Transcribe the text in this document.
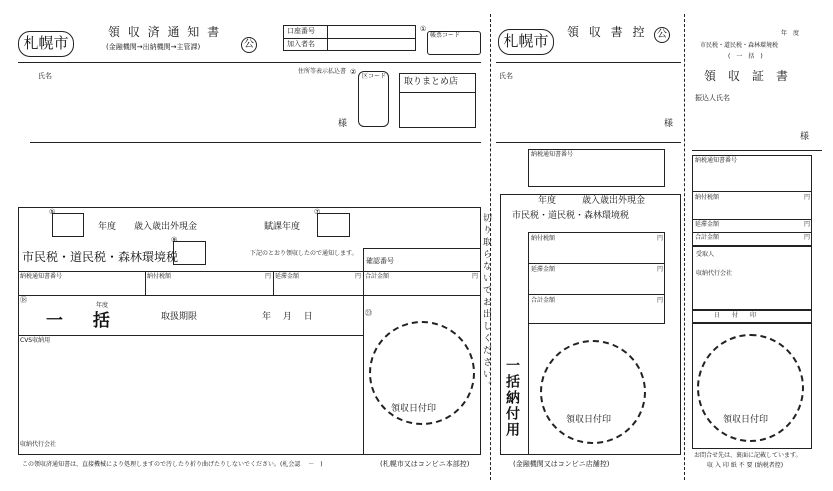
札幌市
領 収 済 通 知 書
(金融機関→出納機関→主管課)	公
口座番号
加入者名
①
帳票コード
氏名
住所等表示払込書 ②
区コード
取りまとめ店
様
⑤
年度 歳入歳出外現金	賦課年度
⑦
⑨
市民税・道民税・森林環境税	下記のとおり領収したので通知します。
確認番号
納税通知書番号	納付税額	円 延滞金額	円 合計金額	円
⑱
㉓
年度
一 括	取扱期限	年　 月　 日
CVS収納用
収納代行会社
領収日付印
この領収済通知書は、直接機械により処理しますので汚したり折り曲げたりしないでください。(札会認　 －　)	(札幌市又はコンビニ本部控)
切り取らないでお出しください。
札幌市	領 収 書 控 公
氏名
様
納税通知書番号
年度	歳入歳出外現金
市民税・道民税・森林環境税
納付税額	円
延滞金額	円
合計金額	円
一括納付用	領収日付印
(金融機関又はコンビニ店舗控)
年　度
市民税・道民税・森林環境税
(　一　括　)
領　収　証　書
振込人氏名
様
納税通知書番号
納付税額	円
延滞金額	円
合計金額	円
受取人
収納代行会社
日　　付　　印
領収日付印
お問合せ先は、裏面に記載しています。
収 入 印 紙 不 要 (納税者控)
